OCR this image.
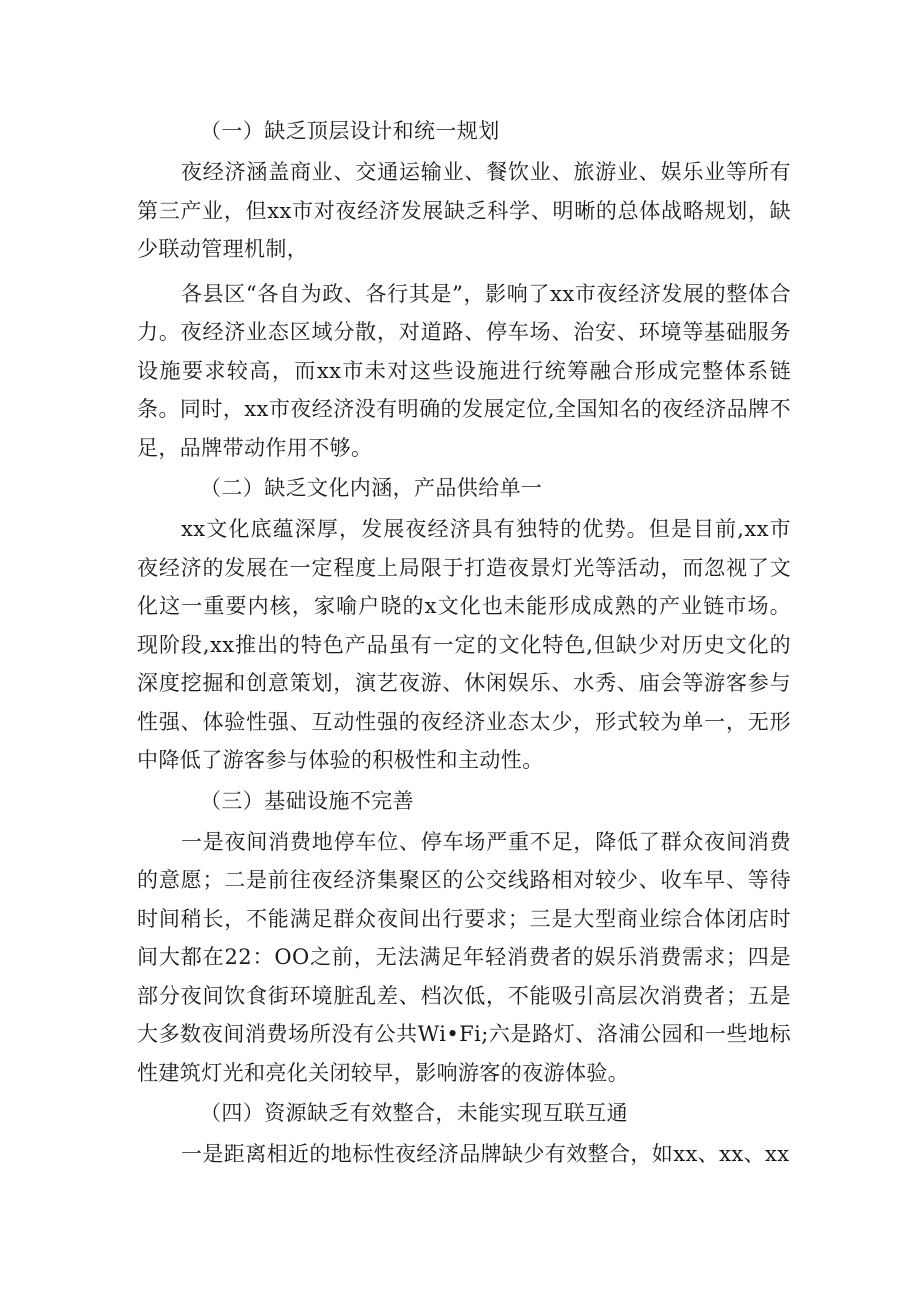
（一）缺乏顶层设计和统一规划

夜经济涵盖商业、交通运输业、餐饮业、旅游业、娱乐业等所有第三产业，但xx市对夜经济发展缺乏科学、明晰的总体战略规划，缺少联动管理机制，

各县区“各自为政、各行其是”，影响了xx市夜经济发展的整体合力。夜经济业态区域分散，对道路、停车场、治安、环境等基础服务设施要求较高，而xx市未对这些设施进行统筹融合形成完整体系链条。同时，xx市夜经济没有明确的发展定位,全国知名的夜经济品牌不足，品牌带动作用不够。

（二）缺乏文化内涵，产品供给单一

xx文化底蕴深厚，发展夜经济具有独特的优势。但是目前,xx市夜经济的发展在一定程度上局限于打造夜景灯光等活动，而忽视了文化这一重要内核，家喻户晓的x文化也未能形成成熟的产业链市场。现阶段,xx推出的特色产品虽有一定的文化特色,但缺少对历史文化的深度挖掘和创意策划，演艺夜游、休闲娱乐、水秀、庙会等游客参与性强、体验性强、互动性强的夜经济业态太少，形式较为单一，无形中降低了游客参与体验的积极性和主动性。

（三）基础设施不完善

一是夜间消费地停车位、停车场严重不足，降低了群众夜间消费的意愿；二是前往夜经济集聚区的公交线路相对较少、收车早、等待时间稍长，不能满足群众夜间出行要求；三是大型商业综合体闭店时间大都在22：OO之前，无法满足年轻消费者的娱乐消费需求；四是部分夜间饮食街环境脏乱差、档次低，不能吸引高层次消费者；五是大多数夜间消费场所没有公共Wi•Fi;六是路灯、洛浦公园和一些地标性建筑灯光和亮化关闭较早，影响游客的夜游体验。

（四）资源缺乏有效整合，未能实现互联互通

一是距离相近的地标性夜经济品牌缺少有效整合，如xx、xx、xx
